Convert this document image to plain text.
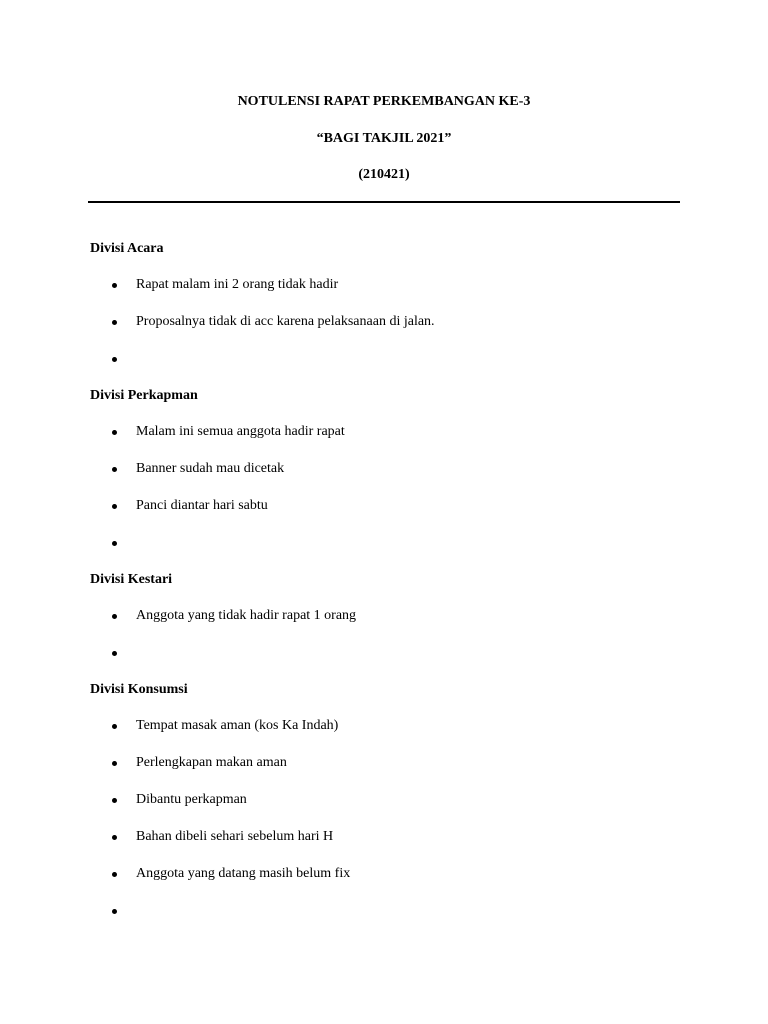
NOTULENSI RAPAT PERKEMBANGAN KE-3
“BAGI TAKJIL 2021”
(210421)
Divisi Acara
Rapat malam ini 2 orang tidak hadir
Proposalnya tidak di acc karena pelaksanaan di jalan.
Divisi Perkapman
Malam ini semua anggota hadir rapat
Banner sudah mau dicetak
Panci diantar hari sabtu
Divisi Kestari
Anggota yang tidak hadir rapat 1 orang
Divisi Konsumsi
Tempat masak aman (kos Ka Indah)
Perlengkapan makan aman
Dibantu perkapman
Bahan dibeli sehari sebelum hari H
Anggota yang datang masih belum fix
